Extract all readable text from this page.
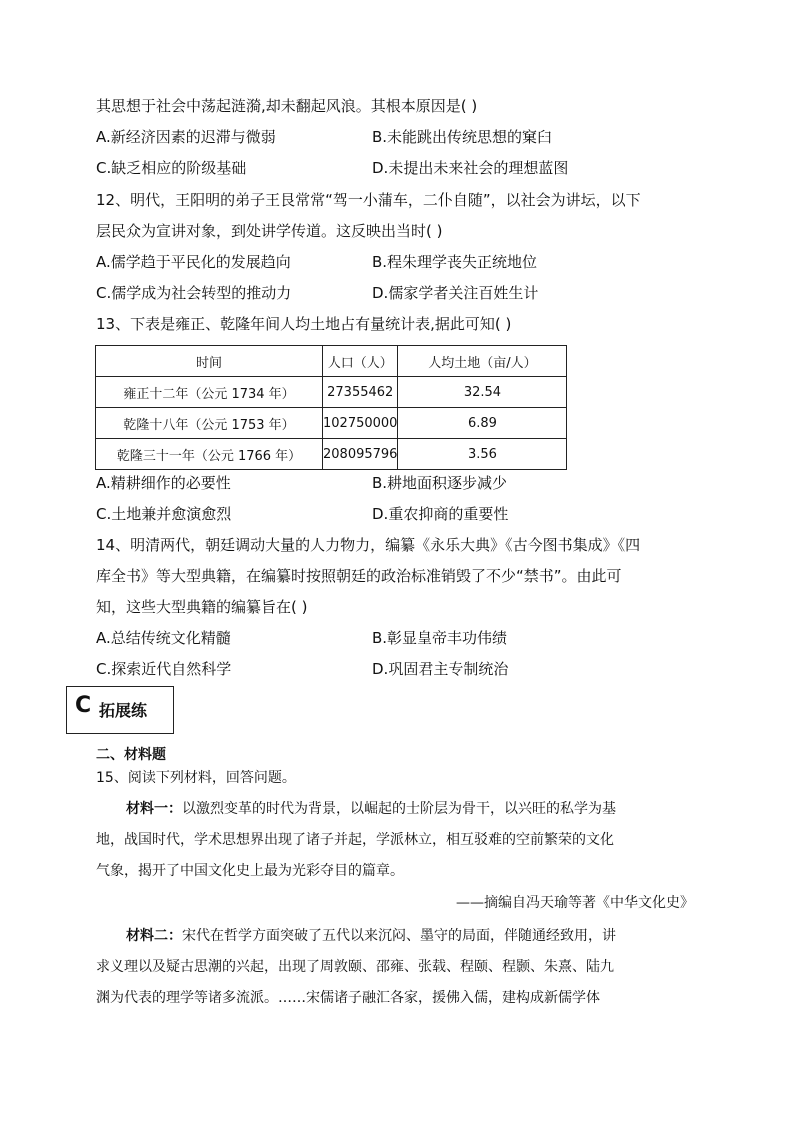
其思想于社会中荡起涟漪,却未翻起风浪。其根本原因是( )
A.新经济因素的迟滞与微弱	B.未能跳出传统思想的窠臼
C.缺乏相应的阶级基础	D.未提出未来社会的理想蓝图
12、明代，王阳明的弟子王艮常常“驾一小蒲车，二仆自随”，以社会为讲坛，以下
层民众为宣讲对象，到处讲学传道。这反映出当时( )
A.儒学趋于平民化的发展趋向	B.程朱理学丧失正统地位
C.儒学成为社会转型的推动力	D.儒家学者关注百姓生计
13、下表是雍正、乾隆年间人均土地占有量统计表,据此可知( )
时间	人口（人）	人均土地（亩/人）
雍正十二年（公元 1734 年）	27355462	32.54
乾隆十八年（公元 1753 年）	102750000	6.89
乾隆三十一年（公元 1766 年）	208095796	3.56
A.精耕细作的必要性	B.耕地面积逐步减少
C.土地兼并愈演愈烈	D.重农抑商的重要性
14、明清两代，朝廷调动大量的人力物力，编纂《永乐大典》《古今图书集成》《四
库全书》等大型典籍，在编纂时按照朝廷的政治标准销毁了不少“禁书”。由此可
知，这些大型典籍的编纂旨在( )
A.总结传统文化精髓	B.彰显皇帝丰功伟绩
C.探索近代自然科学	D.巩固君主专制统治
C 拓展练
二、材料题
15、阅读下列材料，回答问题。
材料一：以激烈变革的时代为背景，以崛起的士阶层为骨干，以兴旺的私学为基
地，战国时代，学术思想界出现了诸子并起，学派林立，相互驳难的空前繁荣的文化
气象，揭开了中国文化史上最为光彩夺目的篇章。
——摘编自冯天瑜等著《中华文化史》
材料二：宋代在哲学方面突破了五代以来沉闷、墨守的局面，伴随通经致用，讲
求义理以及疑古思潮的兴起，出现了周敦颐、邵雍、张载、程颐、程颢、朱熹、陆九
渊为代表的理学等诸多流派。……宋儒诸子融汇各家，援佛入儒，建构成新儒学体
